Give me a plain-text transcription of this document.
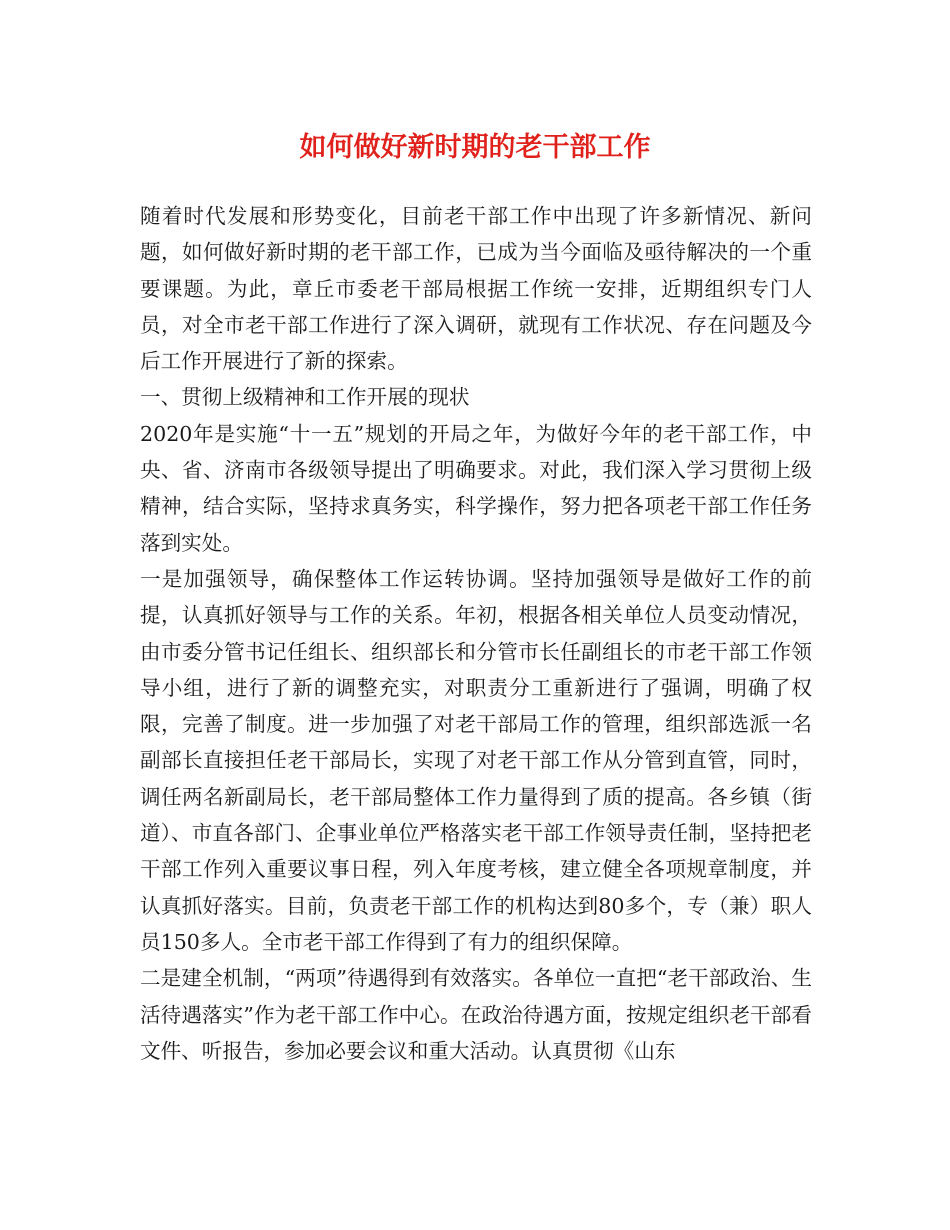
如何做好新时期的老干部工作

随着时代发展和形势变化，目前老干部工作中出现了许多新情况、新问题，如何做好新时期的老干部工作，已成为当今面临及亟待解决的一个重要课题。为此，章丘市委老干部局根据工作统一安排，近期组织专门人员，对全市老干部工作进行了深入调研，就现有工作状况、存在问题及今后工作开展进行了新的探索。

一、贯彻上级精神和工作开展的现状

2020年是实施“十一五”规划的开局之年，为做好今年的老干部工作，中央、省、济南市各级领导提出了明确要求。对此，我们深入学习贯彻上级精神，结合实际，坚持求真务实，科学操作，努力把各项老干部工作任务落到实处。

一是加强领导，确保整体工作运转协调。坚持加强领导是做好工作的前提，认真抓好领导与工作的关系。年初，根据各相关单位人员变动情况，由市委分管书记任组长、组织部长和分管市长任副组长的市老干部工作领导小组，进行了新的调整充实，对职责分工重新进行了强调，明确了权限，完善了制度。进一步加强了对老干部局工作的管理，组织部选派一名副部长直接担任老干部局长，实现了对老干部工作从分管到直管，同时，调任两名新副局长，老干部局整体工作力量得到了质的提高。各乡镇（街道）、市直各部门、企事业单位严格落实老干部工作领导责任制，坚持把老干部工作列入重要议事日程，列入年度考核，建立健全各项规章制度，并认真抓好落实。目前，负责老干部工作的机构达到80多个，专（兼）职人员150多人。全市老干部工作得到了有力的组织保障。

二是建全机制，“两项”待遇得到有效落实。各单位一直把“老干部政治、生活待遇落实”作为老干部工作中心。在政治待遇方面，按规定组织老干部看文件、听报告，参加必要会议和重大活动。认真贯彻《山东
